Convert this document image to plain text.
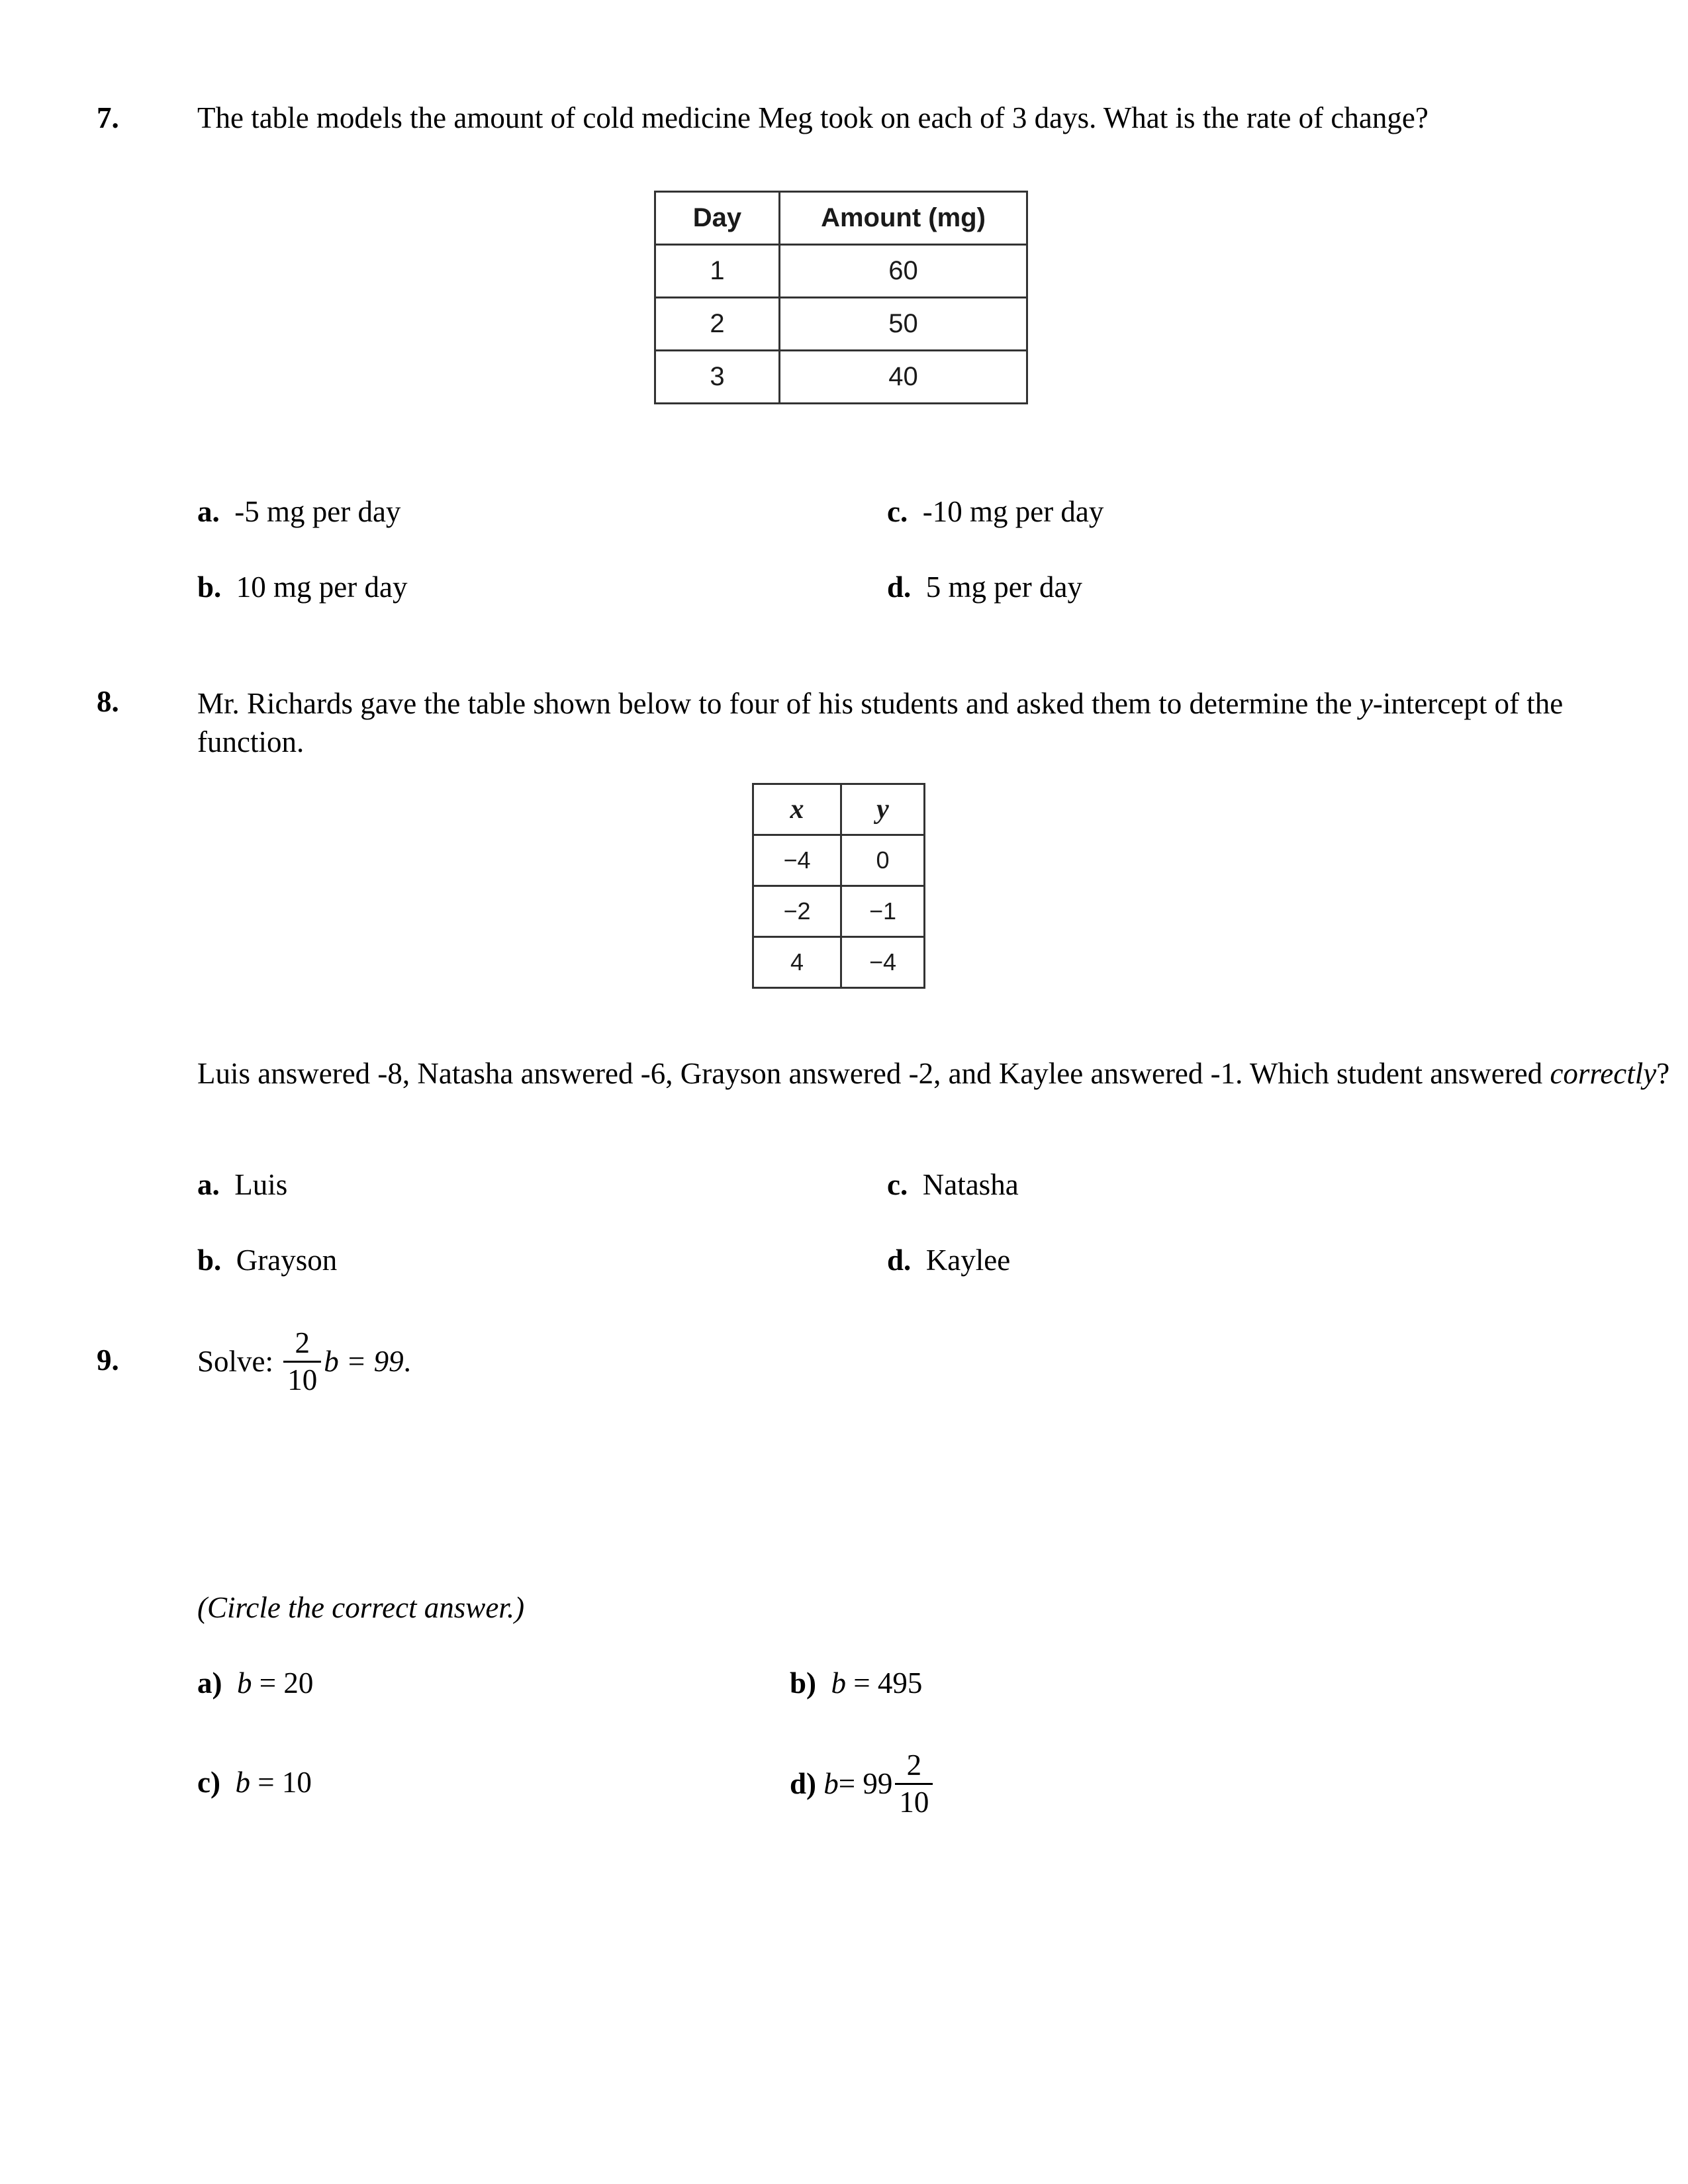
7.	The table models the amount of cold medicine Meg took on each of 3 days. What is the rate of change?
Day	Amount (mg)
1	60
2	50
3	40
a. -5 mg per day
b. 10 mg per day
c. -10 mg per day
d. 5 mg per day
8.	Mr. Richards gave the table shown below to four of his students and asked them to determine the y-intercept of the function.
x	y
−4	0
−2	−1
4	−4
Luis answered -8, Natasha answered -6, Grayson answered -2, and Kaylee answered -1. Which student answered correctly?
a. Luis
b. Grayson
c. Natasha
d. Kaylee
9.	Solve:
$\frac{2}{10}$ b = 99 .
(Circle the correct answer.)
a) b = 20	b) b = 495
c) b = 10	d)
$b = 99 \frac{2}{10}$
